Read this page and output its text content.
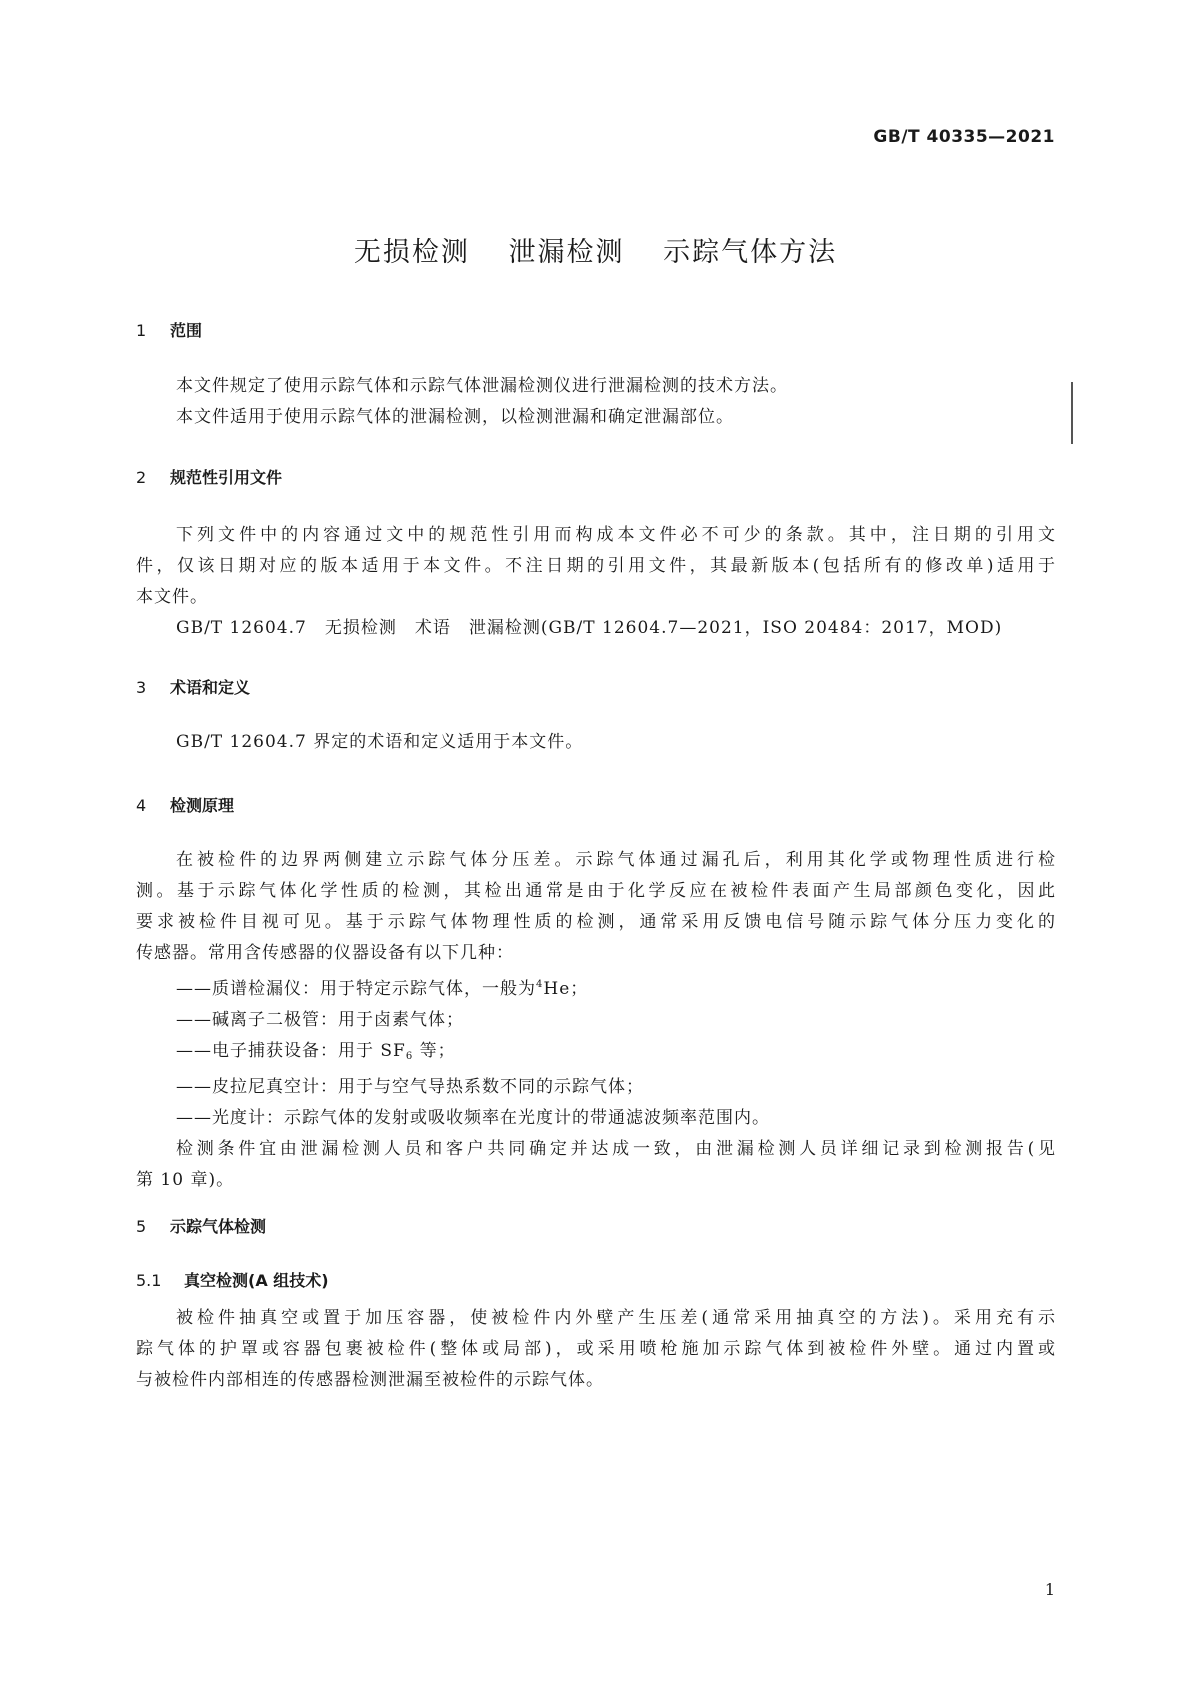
GB/T 40335—2021
无损检测 泄漏检测 示踪气体方法
1 范围
本文件规定了使用示踪气体和示踪气体泄漏检测仪进行泄漏检测的技术方法。
本文件适用于使用示踪气体的泄漏检测，以检测泄漏和确定泄漏部位。
2 规范性引用文件
下列文件中的内容通过文中的规范性引用而构成本文件必不可少的条款。其中，注日期的引用文
件，仅该日期对应的版本适用于本文件。不注日期的引用文件，其最新版本(包括所有的修改单)适用于
本文件。
GB/T 12604.7　无损检测　术语　泄漏检测(GB/T 12604.7—2021，ISO 20484：2017，MOD)
3 术语和定义
GB/T 12604.7 界定的术语和定义适用于本文件。
4 检测原理
在被检件的边界两侧建立示踪气体分压差。示踪气体通过漏孔后，利用其化学或物理性质进行检
测。基于示踪气体化学性质的检测，其检出通常是由于化学反应在被检件表面产生局部颜色变化，因此
要求被检件目视可见。基于示踪气体物理性质的检测，通常采用反馈电信号随示踪气体分压力变化的
传感器。常用含传感器的仪器设备有以下几种：
——质谱检漏仪：用于特定示踪气体，一般为$^4$He；
——碱离子二极管：用于卤素气体；
——电子捕获设备：用于 $SF_6$ 等；
——皮拉尼真空计：用于与空气导热系数不同的示踪气体；
——光度计：示踪气体的发射或吸收频率在光度计的带通滤波频率范围内。
检测条件宜由泄漏检测人员和客户共同确定并达成一致，由泄漏检测人员详细记录到检测报告(见
第 10 章)。
5 示踪气体检测
5.1 真空检测(A 组技术)
被检件抽真空或置于加压容器，使被检件内外壁产生压差(通常采用抽真空的方法)。采用充有示
踪气体的护罩或容器包裹被检件(整体或局部)，或采用喷枪施加示踪气体到被检件外壁。通过内置或
与被检件内部相连的传感器检测泄漏至被检件的示踪气体。
1
